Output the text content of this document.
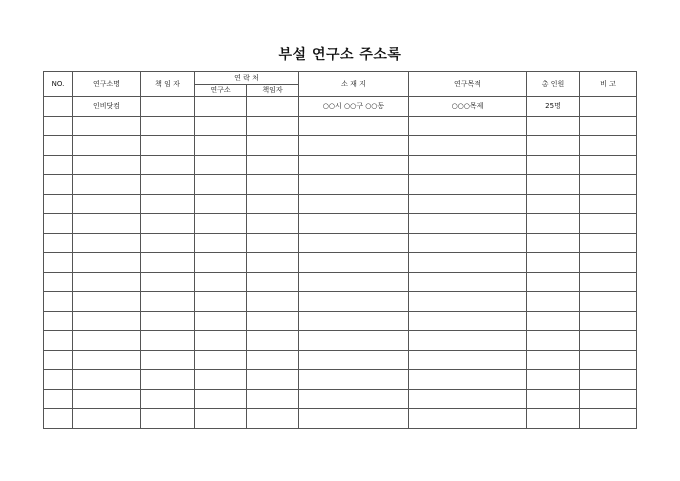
부설 연구소 주소록
NO.	연구소명	책 임 자	연 락 처		소 재 지	연구목적	총 인원	비 고
			연구소	책임자				
	인비닷컴				○○시 ○○구 ○○동	○○○목제	25명	
